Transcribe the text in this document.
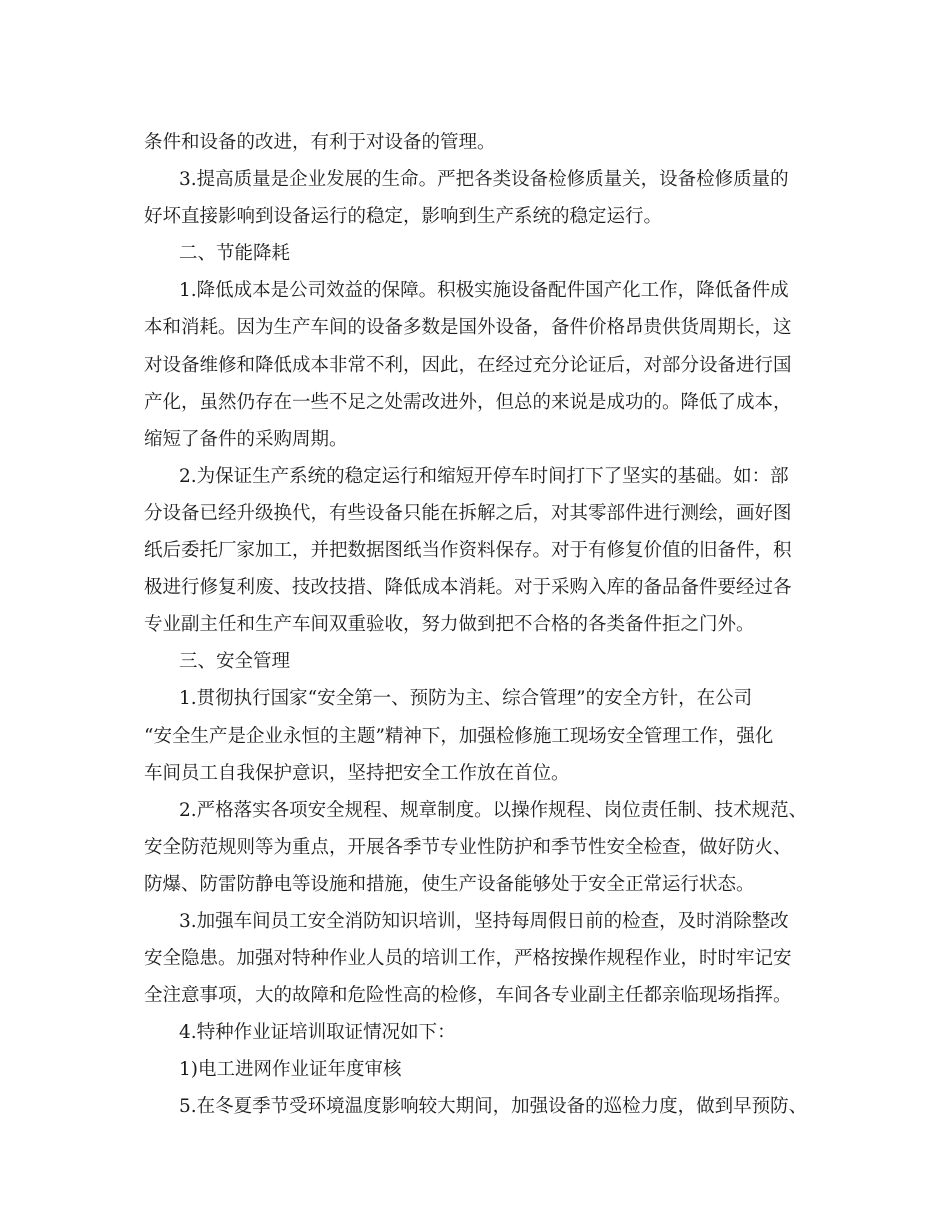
条件和设备的改进，有利于对设备的管理。
3.提高质量是企业发展的生命。严把各类设备检修质量关，设备检修质量的
好坏直接影响到设备运行的稳定，影响到生产系统的稳定运行。
二、节能降耗
1.降低成本是公司效益的保障。积极实施设备配件国产化工作，降低备件成
本和消耗。因为生产车间的设备多数是国外设备，备件价格昂贵供货周期长，这
对设备维修和降低成本非常不利，因此，在经过充分论证后，对部分设备进行国
产化，虽然仍存在一些不足之处需改进外，但总的来说是成功的。降低了成本，
缩短了备件的采购周期。
2.为保证生产系统的稳定运行和缩短开停车时间打下了坚实的基础。如：部
分设备已经升级换代，有些设备只能在拆解之后，对其零部件进行测绘，画好图
纸后委托厂家加工，并把数据图纸当作资料保存。对于有修复价值的旧备件，积
极进行修复利废、技改技措、降低成本消耗。对于采购入库的备品备件要经过各
专业副主任和生产车间双重验收，努力做到把不合格的各类备件拒之门外。
三、安全管理
1.贯彻执行国家“安全第一、预防为主、综合管理”的安全方针，在公司
“安全生产是企业永恒的主题”精神下，加强检修施工现场安全管理工作，强化
车间员工自我保护意识，坚持把安全工作放在首位。
2.严格落实各项安全规程、规章制度。以操作规程、岗位责任制、技术规范、
安全防范规则等为重点，开展各季节专业性防护和季节性安全检查，做好防火、
防爆、防雷防静电等设施和措施，使生产设备能够处于安全正常运行状态。
3.加强车间员工安全消防知识培训，坚持每周假日前的检查，及时消除整改
安全隐患。加强对特种作业人员的培训工作，严格按操作规程作业，时时牢记安
全注意事项，大的故障和危险性高的检修，车间各专业副主任都亲临现场指挥。
4.特种作业证培训取证情况如下：
1)电工进网作业证年度审核
5.在冬夏季节受环境温度影响较大期间，加强设备的巡检力度，做到早预防、
